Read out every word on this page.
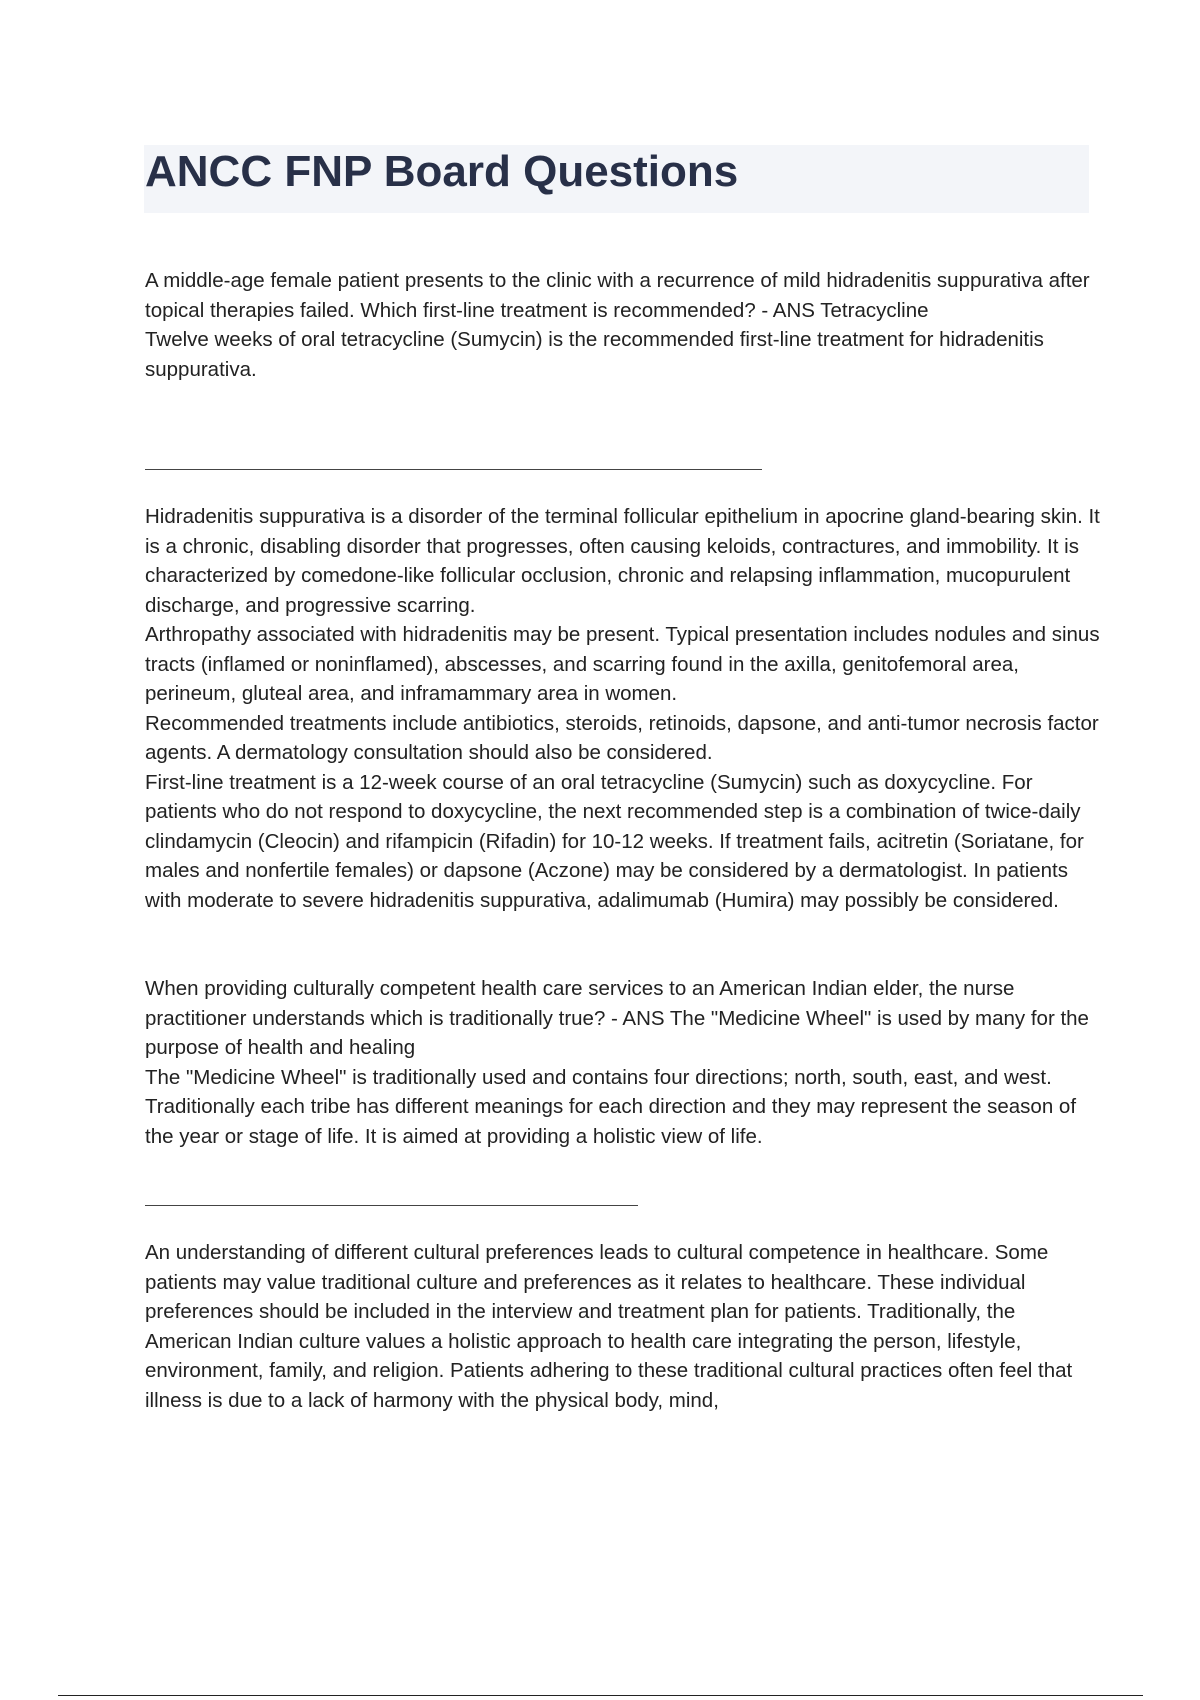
ANCC FNP Board Questions

A middle-age female patient presents to the clinic with a recurrence of mild hidradenitis suppurativa after topical therapies failed. Which first-line treatment is recommended? - ANS Tetracycline

Twelve weeks of oral tetracycline (Sumycin) is the recommended first-line treatment for hidradenitis suppurativa.

Hidradenitis suppurativa is a disorder of the terminal follicular epithelium in apocrine gland-bearing skin. It is a chronic, disabling disorder that progresses, often causing keloids, contractures, and immobility. It is characterized by comedone-like follicular occlusion, chronic and relapsing inflammation, mucopurulent discharge, and progressive scarring.

Arthropathy associated with hidradenitis may be present. Typical presentation includes nodules and sinus tracts (inflamed or noninflamed), abscesses, and scarring found in the axilla, genitofemoral area, perineum, gluteal area, and inframammary area in women.

Recommended treatments include antibiotics, steroids, retinoids, dapsone, and anti-tumor necrosis factor agents. A dermatology consultation should also be considered.

First-line treatment is a 12-week course of an oral tetracycline (Sumycin) such as doxycycline. For patients who do not respond to doxycycline, the next recommended step is a combination of twice-daily clindamycin (Cleocin) and rifampicin (Rifadin) for 10-12 weeks. If treatment fails, acitretin (Soriatane, for males and nonfertile females) or dapsone (Aczone) may be considered by a dermatologist. In patients with moderate to severe hidradenitis suppurativa, adalimumab (Humira) may possibly be considered.

When providing culturally competent health care services to an American Indian elder, the nurse practitioner understands which is traditionally true? - ANS The "Medicine Wheel" is used by many for the purpose of health and healing

The "Medicine Wheel" is traditionally used and contains four directions; north, south, east, and west. Traditionally each tribe has different meanings for each direction and they may represent the season of the year or stage of life. It is aimed at providing a holistic view of life.

An understanding of different cultural preferences leads to cultural competence in healthcare. Some patients may value traditional culture and preferences as it relates to healthcare. These individual preferences should be included in the interview and treatment plan for patients. Traditionally, the American Indian culture values a holistic approach to health care integrating the person, lifestyle, environment, family, and religion. Patients adhering to these traditional cultural practices often feel that illness is due to a lack of harmony with the physical body, mind,
